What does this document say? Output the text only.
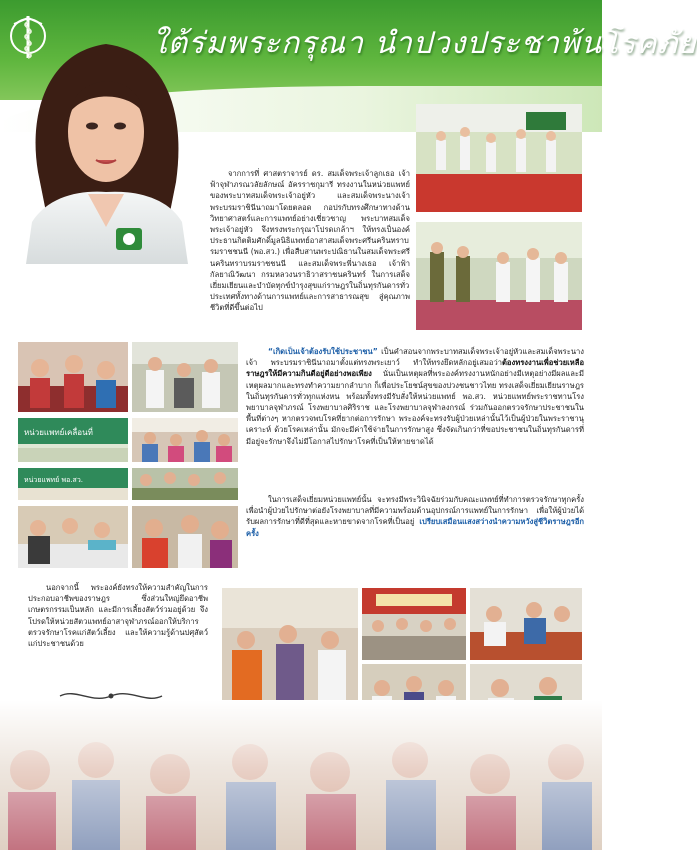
ใต้ร่มพระกรุณา นำปวงประชาพ้นโรคภัย
จากการที่ ศาสตราจารย์ ดร. สมเด็จพระเจ้าลูกเธอ เจ้าฟ้าจุฬาภรณวลัยลักษณ์ อัครราชกุมารี ทรงงานในหน่วยแพทย์ของพระบาทสมเด็จพระเจ้าอยู่หัว และสมเด็จพระนางเจ้าพระบรมราชินีนาถมาโดยตลอด กอปรกับทรงศึกษาทางด้านวิทยาศาสตร์และการแพทย์อย่างเชี่ยวชาญ พระบาทสมเด็จพระเจ้าอยู่หัว จึงทรงพระกรุณาโปรดเกล้าฯ ให้ทรงเป็นองค์ประธานกิตติมศักดิ์มูลนิธิแพทย์อาสาสมเด็จพระศรีนครินทราบรมราชชนนี (พอ.สว.) เพื่อสืบสานพระปณิธานในสมเด็จพระศรีนครินทราบรมราชชนนี และสมเด็จพระพี่นางเธอ เจ้าฟ้ากัลยาณิวัฒนา กรมหลวงนราธิวาสราชนครินทร์ ในการเสด็จเยี่ยมเยียนและบำบัดทุกข์บำรุงสุขแก่ราษฎรในถิ่นทุรกันดารทั่วประเทศทั้งทางด้านการแพทย์และการสาธารณสุข สู่คุณภาพชีวิตที่ดีขึ้นต่อไป
หน่วยแพทย์เคลื่อนที่
หน่วยแพทย์ พอ.สว.
“เกิดเป็นเจ้าต้องรับใช้ประชาชน” เป็นคำสอนจากพระบาทสมเด็จพระเจ้าอยู่หัวและสมเด็จพระนางเจ้า พระบรมราชินีนาถมาตั้งแต่ทรงพระเยาว์ ทำให้ทรงยึดหลักอยู่เสมอว่าต้องทรงงานเพื่อช่วยเหลือราษฎรให้มีความกินดีอยู่ดีอย่างพอเพียง นั่นเป็นเหตุผลที่พระองค์ทรงงานหนักอย่างมีเหตุอย่างมีผลและมีเหตุผลมากและทรงทำความยากลำบาก ก็เพื่อประโยชน์สุขของปวงชนชาวไทย ทรงเสด็จเยี่ยมเยียนราษฎรในถิ่นทุรกันดารทั่วทุกแห่งหน พร้อมทั้งทรงมีรับสั่งให้หน่วยแพทย์ พอ.สว. หน่วยแพทย์พระราชทานโรงพยาบาลจุฬาภรณ์ โรงพยาบาลศิริราช และโรงพยาบาลจุฬาลงกรณ์ ร่วมกันออกตรวจรักษาประชาชนในพื้นที่ต่างๆ หากตรวจพบโรคที่ยากต่อการรักษา พระองค์จะทรงรับผู้ป่วยเหล่านั้นไว้เป็นผู้ป่วยในพระราชานุเคราะห์ ด้วยโรคเหล่านั้น มักจะมีค่าใช้จ่ายในการรักษาสูง ซึ่งจัดเกินกว่าที่ขอประชาชนในถิ่นทุรกันดารที่มีอยู่จะรักษาจึงไม่มีโอกาสไปรักษาโรคที่เป็นให้หายขาดได้
ในการเสด็จเยี่ยมหน่วยแพทย์นั้น จะทรงมีพระวินิจฉัยร่วมกับคณะแพทย์ที่ทำการตรวจรักษาทุกครั้ง เพื่อนำผู้ป่วยไปรักษาต่อยังโรงพยาบาลที่มีความพร้อมด้านอุปกรณ์การแพทย์ในการรักษา เพื่อให้ผู้ป่วยได้รับผลการรักษาที่ดีที่สุดและหายขาดจากโรคที่เป็นอยู่ เปรียบเสมือนแสงสว่างนำความหวังสู่ชีวิตราษฎรอีกครั้ง
นอกจากนี้ พระองค์ยังทรงให้ความสำคัญในการประกอบอาชีพของราษฎร ซึ่งส่วนใหญ่ยึดอาชีพเกษตรกรรมเป็นหลัก และมีการเลี้ยงสัตว์ร่วมอยู่ด้วย จึงโปรดให้หน่วยสัตวแพทย์อาสาจุฬาภรณ์ออกให้บริการตรวจรักษาโรคแก่สัตว์เลี้ยง และให้ความรู้ด้านปศุสัตว์แก่ประชาชนด้วย
